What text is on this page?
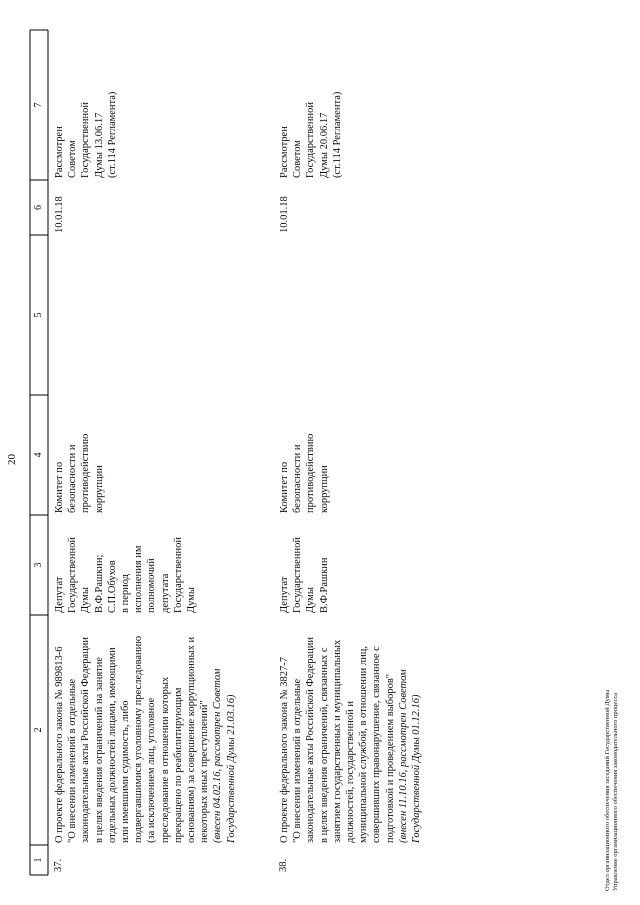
1
2
3
4
5
6
7
37.
О проекте федерального закона № 989813-6 "О внесении изменений в отдельные законодательные акты Российской Федерации в целях введения ограничений на занятие отдельных должностей лицами, имеющими или имевшими судимость, либо подвергавшимися уголовному преследованию (за исключением лиц, уголовное преследование в отношении которых прекращено по реабилитирующим основаниям) за совершение коррупционных и некоторых иных преступлений" (внесен 04.02.16, рассмотрен Советом Государственной Думы 21.03.16)
Депутат Государственной Думы В.Ф.Рашкин; С.П.Обухов в период исполнения им полномочий депутата Государственной Думы
Комитет по безопасности и противодействию коррупции
10.01.18
Рассмотрен Советом Государственной Думы 13.06.17 (ст.114 Регламента)
38.
О проекте федерального закона № 3827-7 "О внесении изменений в отдельные законодательные акты Российской Федерации в целях введения ограничений, связанных с занятием государственных и муниципальных должностей, государственной и муниципальной службой, в отношении лиц, совершивших правонарушение, связанное с подготовкой и проведением выборов" (внесен 11.10.16, рассмотрен Советом Государственной Думы 01.12.16)
Депутат Государственной Думы В.Ф.Рашкин
Комитет по безопасности и противодействию коррупции
10.01.18
Рассмотрен Советом Государственной Думы 20.06.17 (ст.114 Регламента)
20
Отдел организационного обеспечения заседаний Государственной Думы Управление организационного обеспечения законодательного процесса
